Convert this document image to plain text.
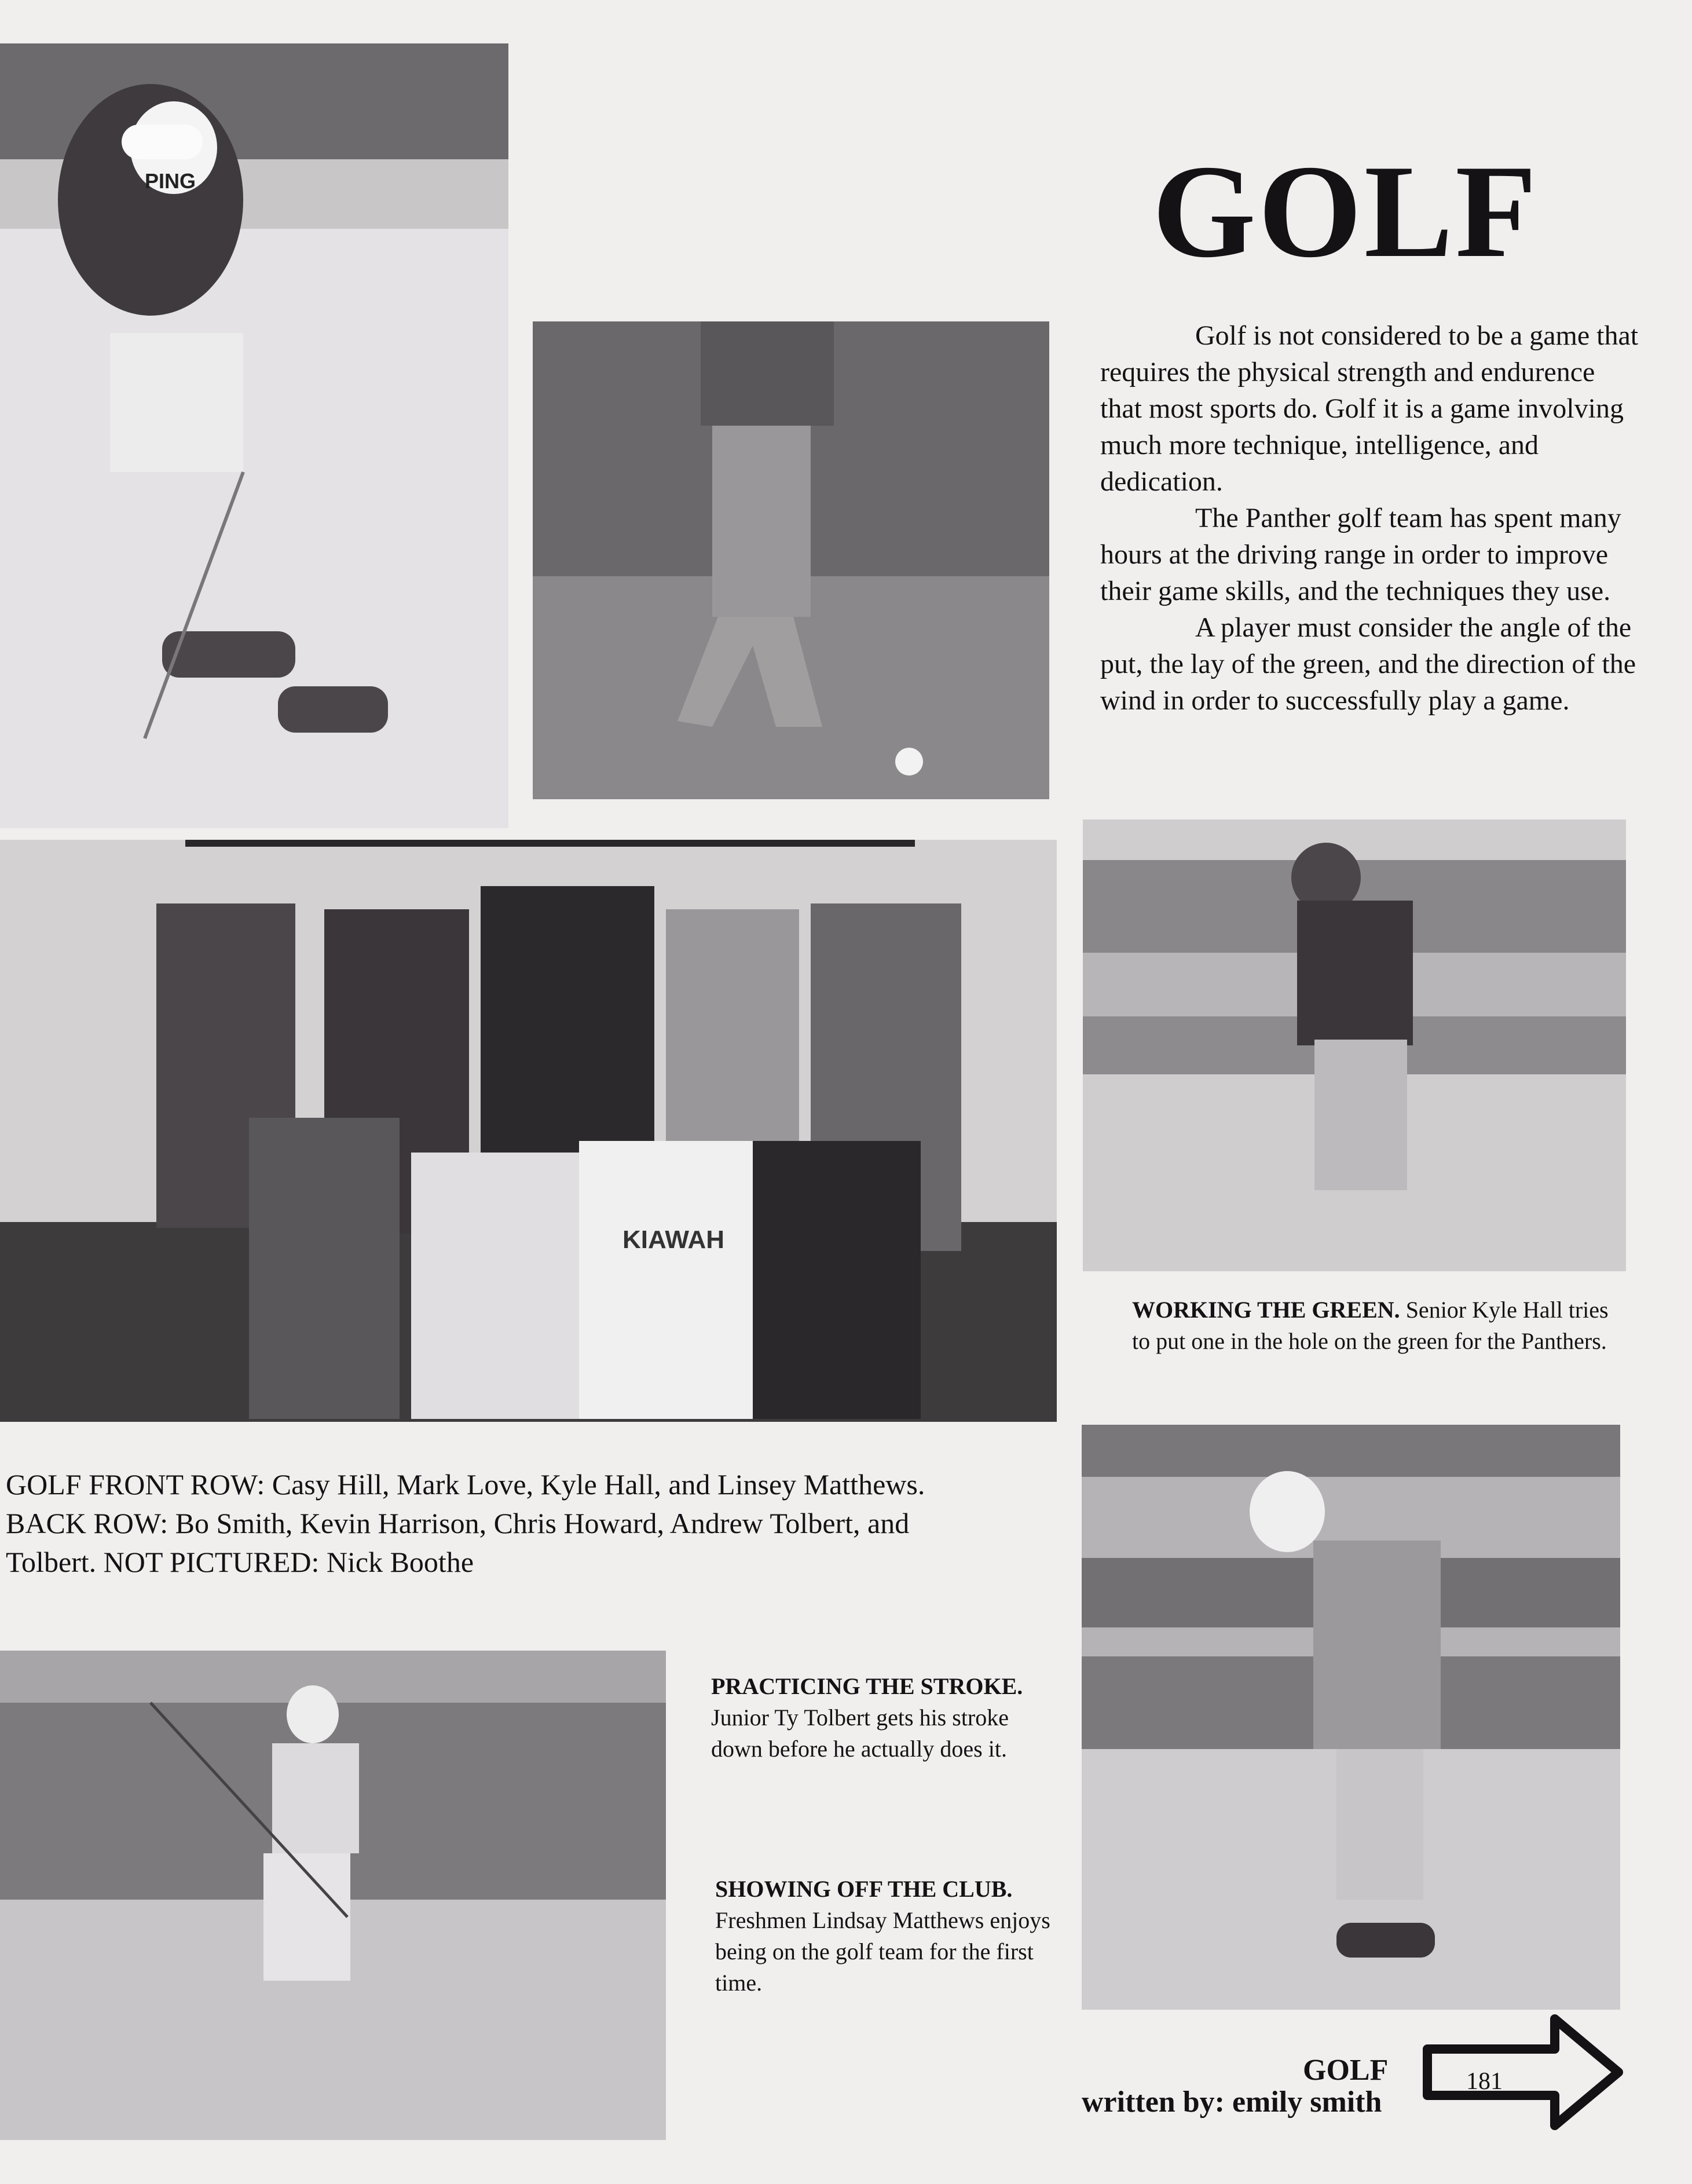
PING
KIAWAH
GOLF

Golf is not considered to be a game that requires the physical strength and endurence that most sports do. Golf it is a game involving much more technique, intelligence, and dedication.

The Panther golf team has spent many hours at the driving range in order to improve their game skills, and the techniques they use.

A player must consider the angle of the put, the lay of the green, and the direction of the wind in order to successfully play a game.

WORKING THE GREEN. Senior Kyle Hall tries to put one in the hole on the green for the Panthers.
GOLF FRONT ROW: Casy Hill, Mark Love, Kyle Hall, and Linsey Matthews.
BACK ROW: Bo Smith, Kevin Harrison, Chris Howard, Andrew Tolbert, and
Tolbert. NOT PICTURED: Nick Boothe
PRACTICING THE STROKE. Junior Ty Tolbert gets his stroke down before he actually does it.
SHOWING OFF THE CLUB. Freshmen Lindsay Matthews enjoys being on the golf team for the first time.
GOLF
written by: emily smith
181
